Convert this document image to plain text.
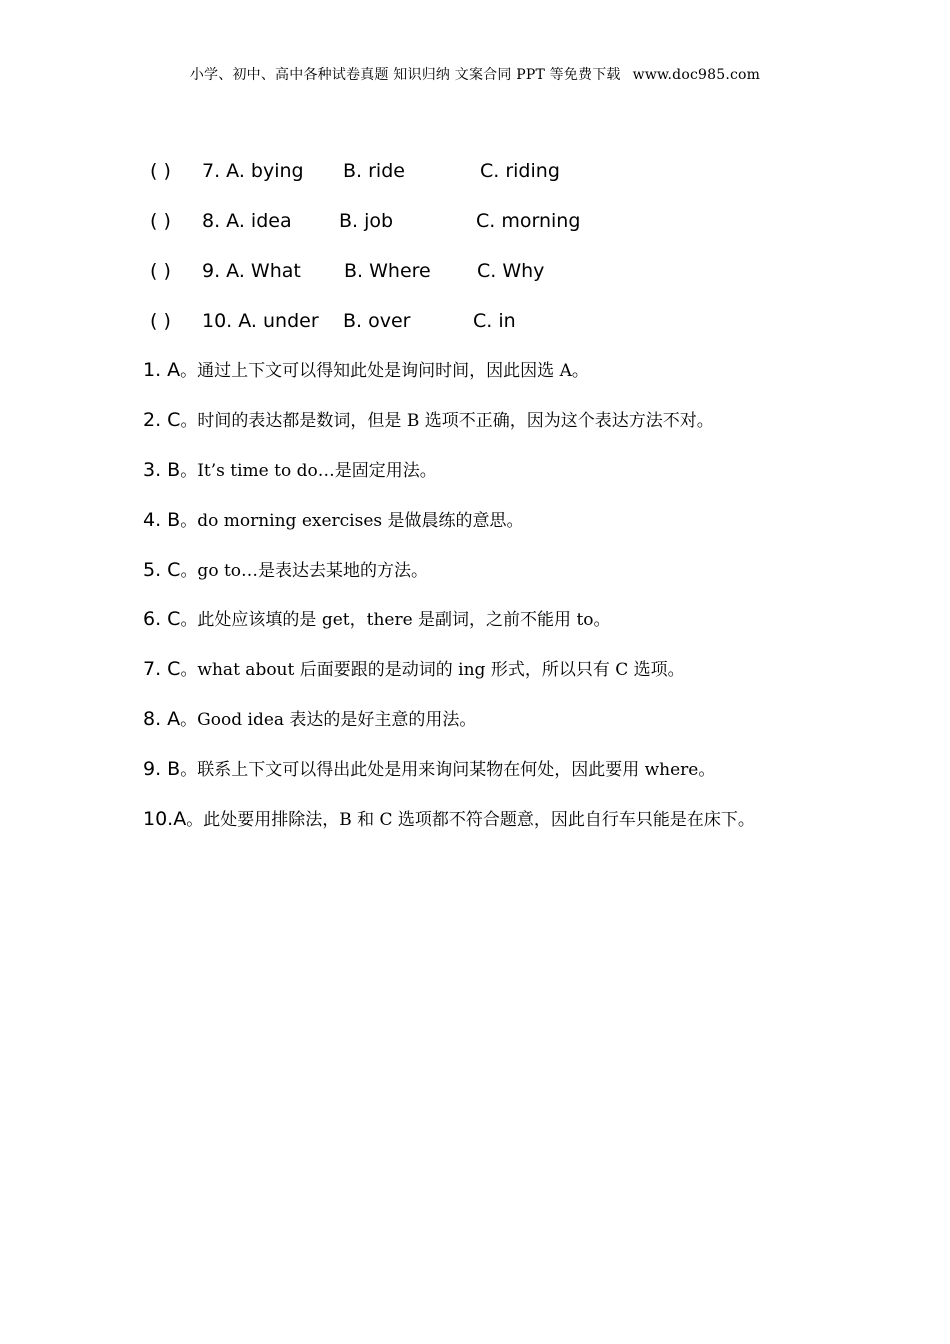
小学、初中、高中各种试卷真题 知识归纳 文案合同 PPT 等免费下载 www.doc985.com
( ) 7. A. bying B. ride	C. riding
( ) 8. A. idea B. job	C. morning
( ) 9. A. What B. Where C. Why
( ) 10. A. under B. over	C. in
1. A。通过上下文可以得知此处是询问时间，因此因选 A。
2. C。时间的表达都是数词，但是 B 选项不正确，因为这个表达方法不对。
3. B。It’s time to do…是固定用法。
4. B。do morning exercises 是做晨练的意思。
5. C。go to…是表达去某地的方法。
6. C。此处应该填的是 get，there 是副词，之前不能用 to。
7. C。what about 后面要跟的是动词的 ing 形式，所以只有 C 选项。
8. A。Good idea 表达的是好主意的用法。
9. B。联系上下文可以得出此处是用来询问某物在何处，因此要用 where。
10.A。此处要用排除法，B 和 C 选项都不符合题意，因此自行车只能是在床下。
